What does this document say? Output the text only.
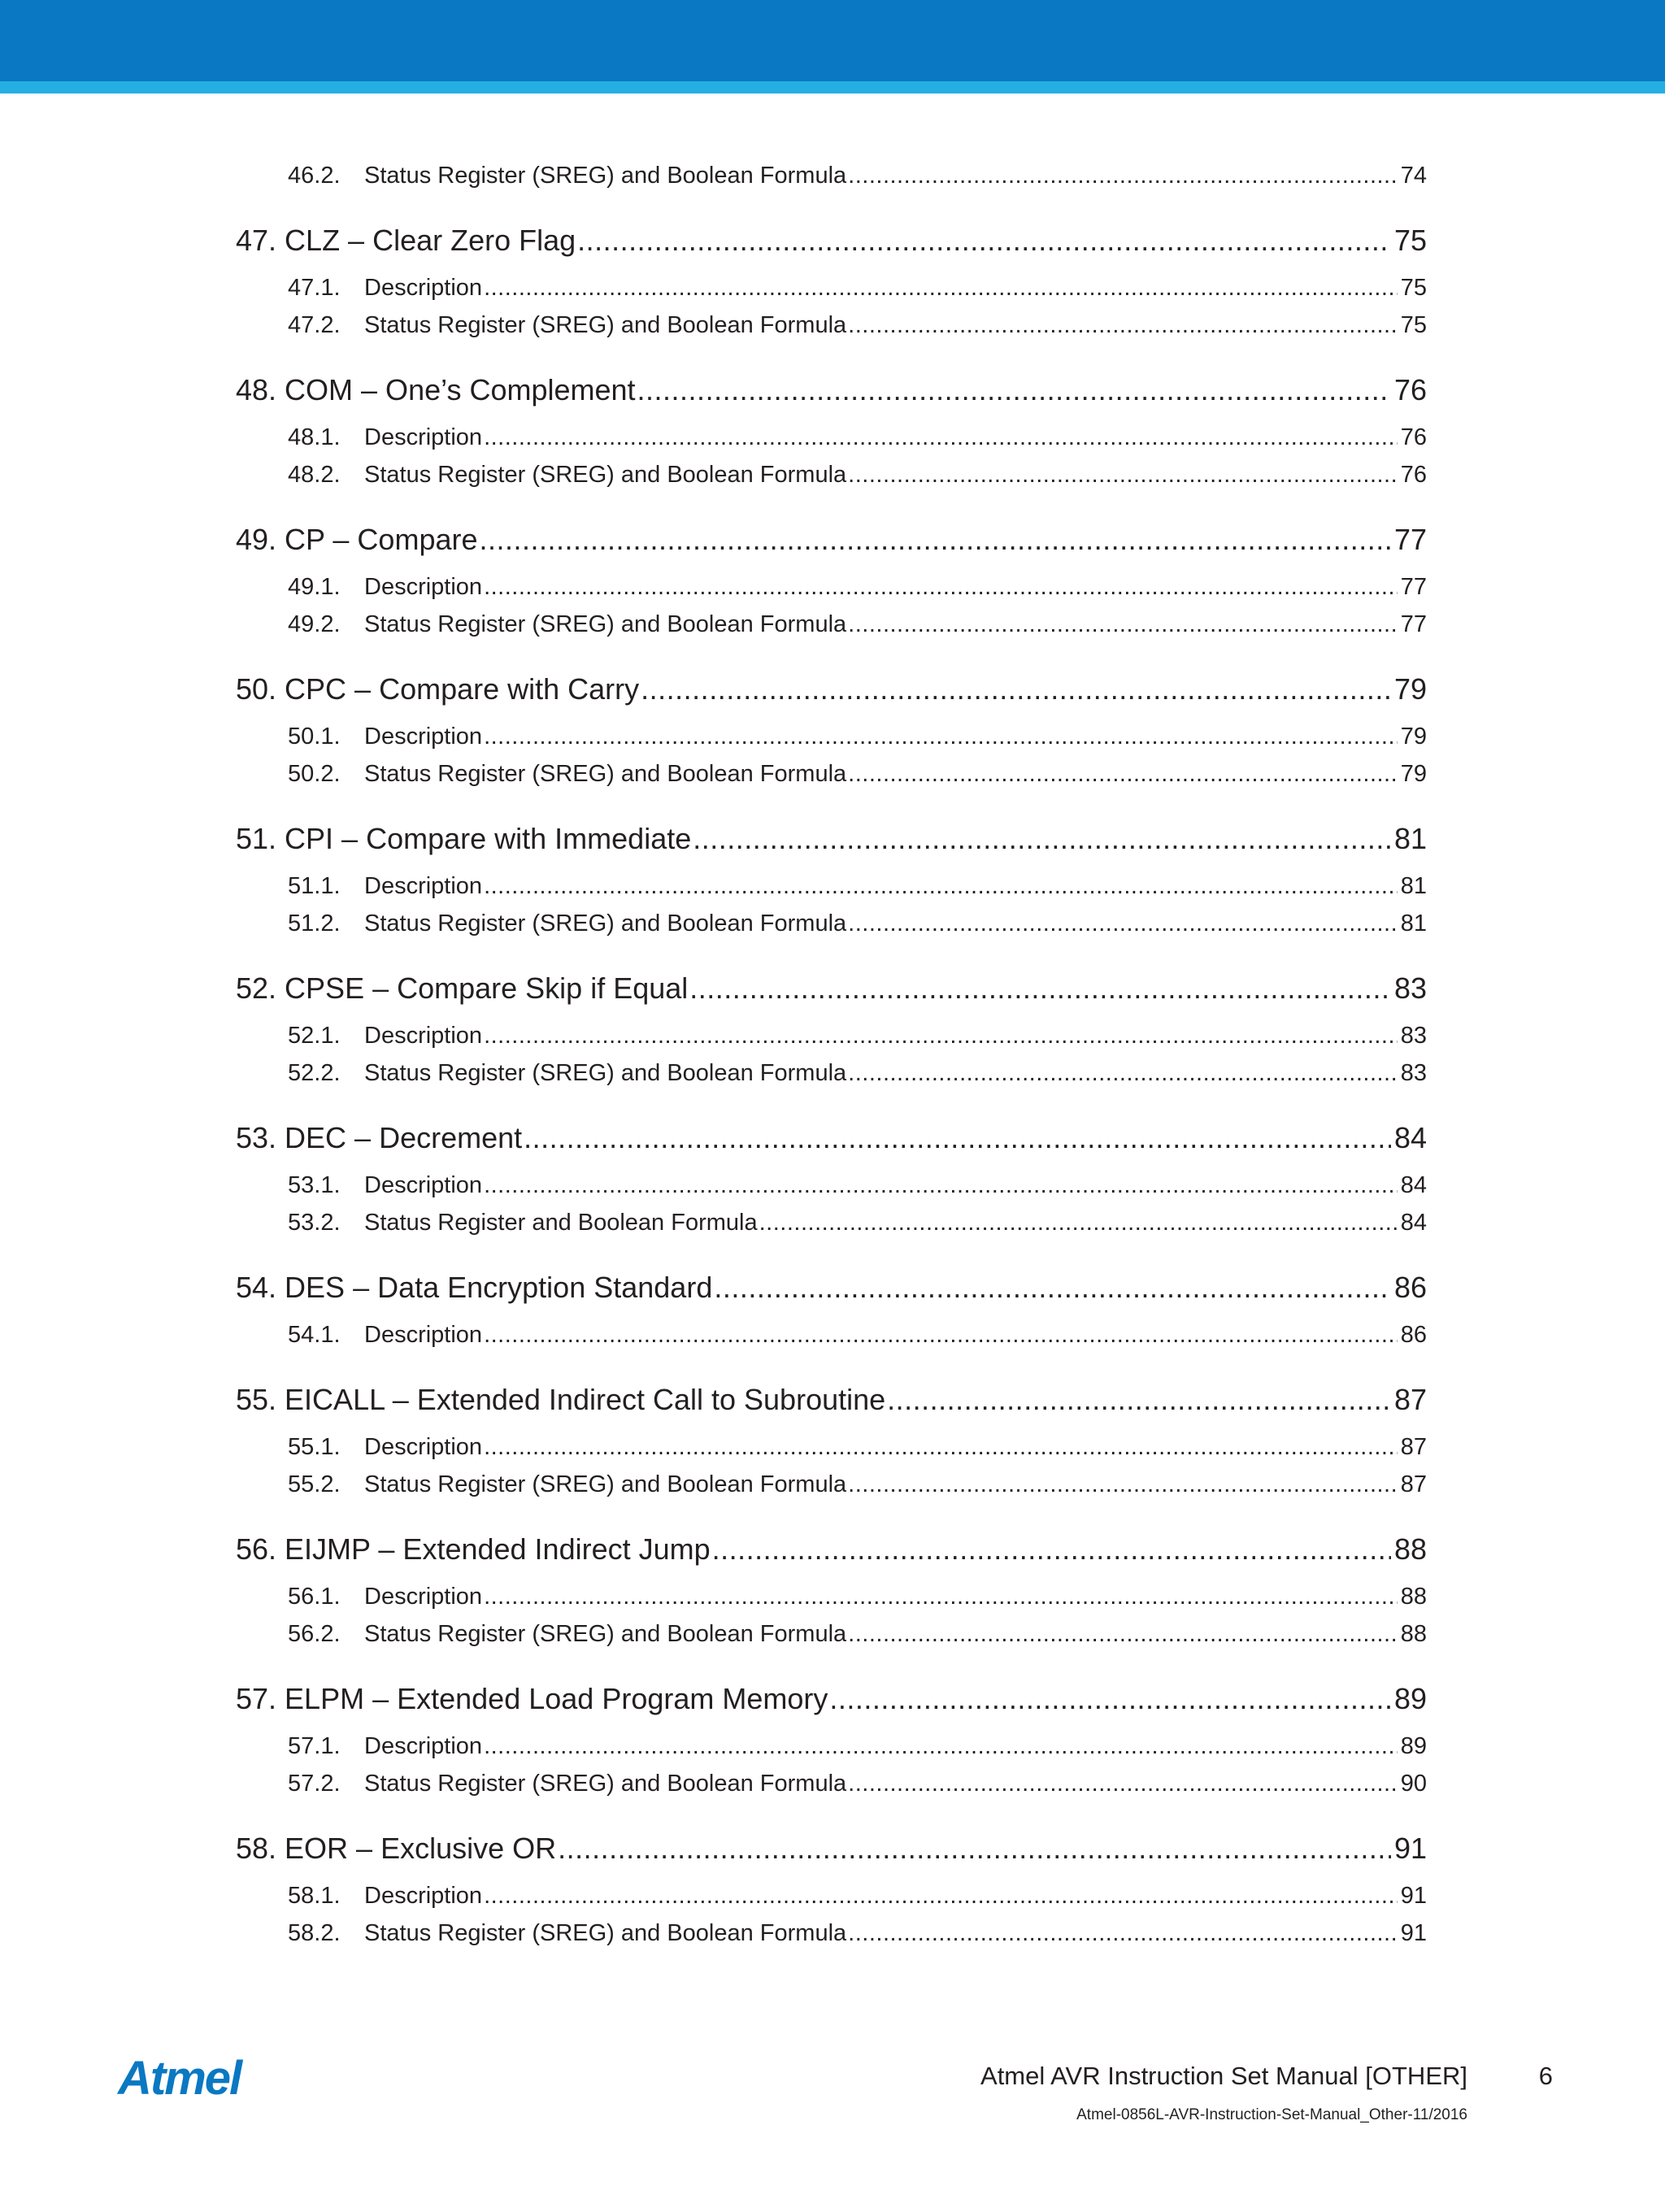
46.2.	Status Register (SREG) and Boolean Formula .....	74
47. CLZ – Clear Zero Flag .....	75
47.1.	Description .....	75
47.2.	Status Register (SREG) and Boolean Formula .....	75
48. COM – One’s Complement .....	76
48.1.	Description .....	76
48.2.	Status Register (SREG) and Boolean Formula .....	76
49. CP – Compare .....	77
49.1.	Description .....	77
49.2.	Status Register (SREG) and Boolean Formula .....	77
50. CPC – Compare with Carry .....	79
50.1.	Description .....	79
50.2.	Status Register (SREG) and Boolean Formula .....	79
51. CPI – Compare with Immediate .....	81
51.1.	Description .....	81
51.2.	Status Register (SREG) and Boolean Formula .....	81
52. CPSE – Compare Skip if Equal .....	83
52.1.	Description .....	83
52.2.	Status Register (SREG) and Boolean Formula .....	83
53. DEC – Decrement .....	84
53.1.	Description .....	84
53.2.	Status Register and Boolean Formula .....	84
54. DES – Data Encryption Standard .....	86
54.1.	Description .....	86
55. EICALL – Extended Indirect Call to Subroutine .....	87
55.1.	Description .....	87
55.2.	Status Register (SREG) and Boolean Formula .....	87
56. EIJMP – Extended Indirect Jump .....	88
56.1.	Description .....	88
56.2.	Status Register (SREG) and Boolean Formula .....	88
57. ELPM – Extended Load Program Memory .....	89
57.1.	Description .....	89
57.2.	Status Register (SREG) and Boolean Formula .....	90
58. EOR – Exclusive OR .....	91
58.1.	Description .....	91
58.2.	Status Register (SREG) and Boolean Formula .....	91
Atmel	Atmel AVR Instruction Set Manual [OTHER]	6
Atmel-0856L-AVR-Instruction-Set-Manual_Other-11/2016
